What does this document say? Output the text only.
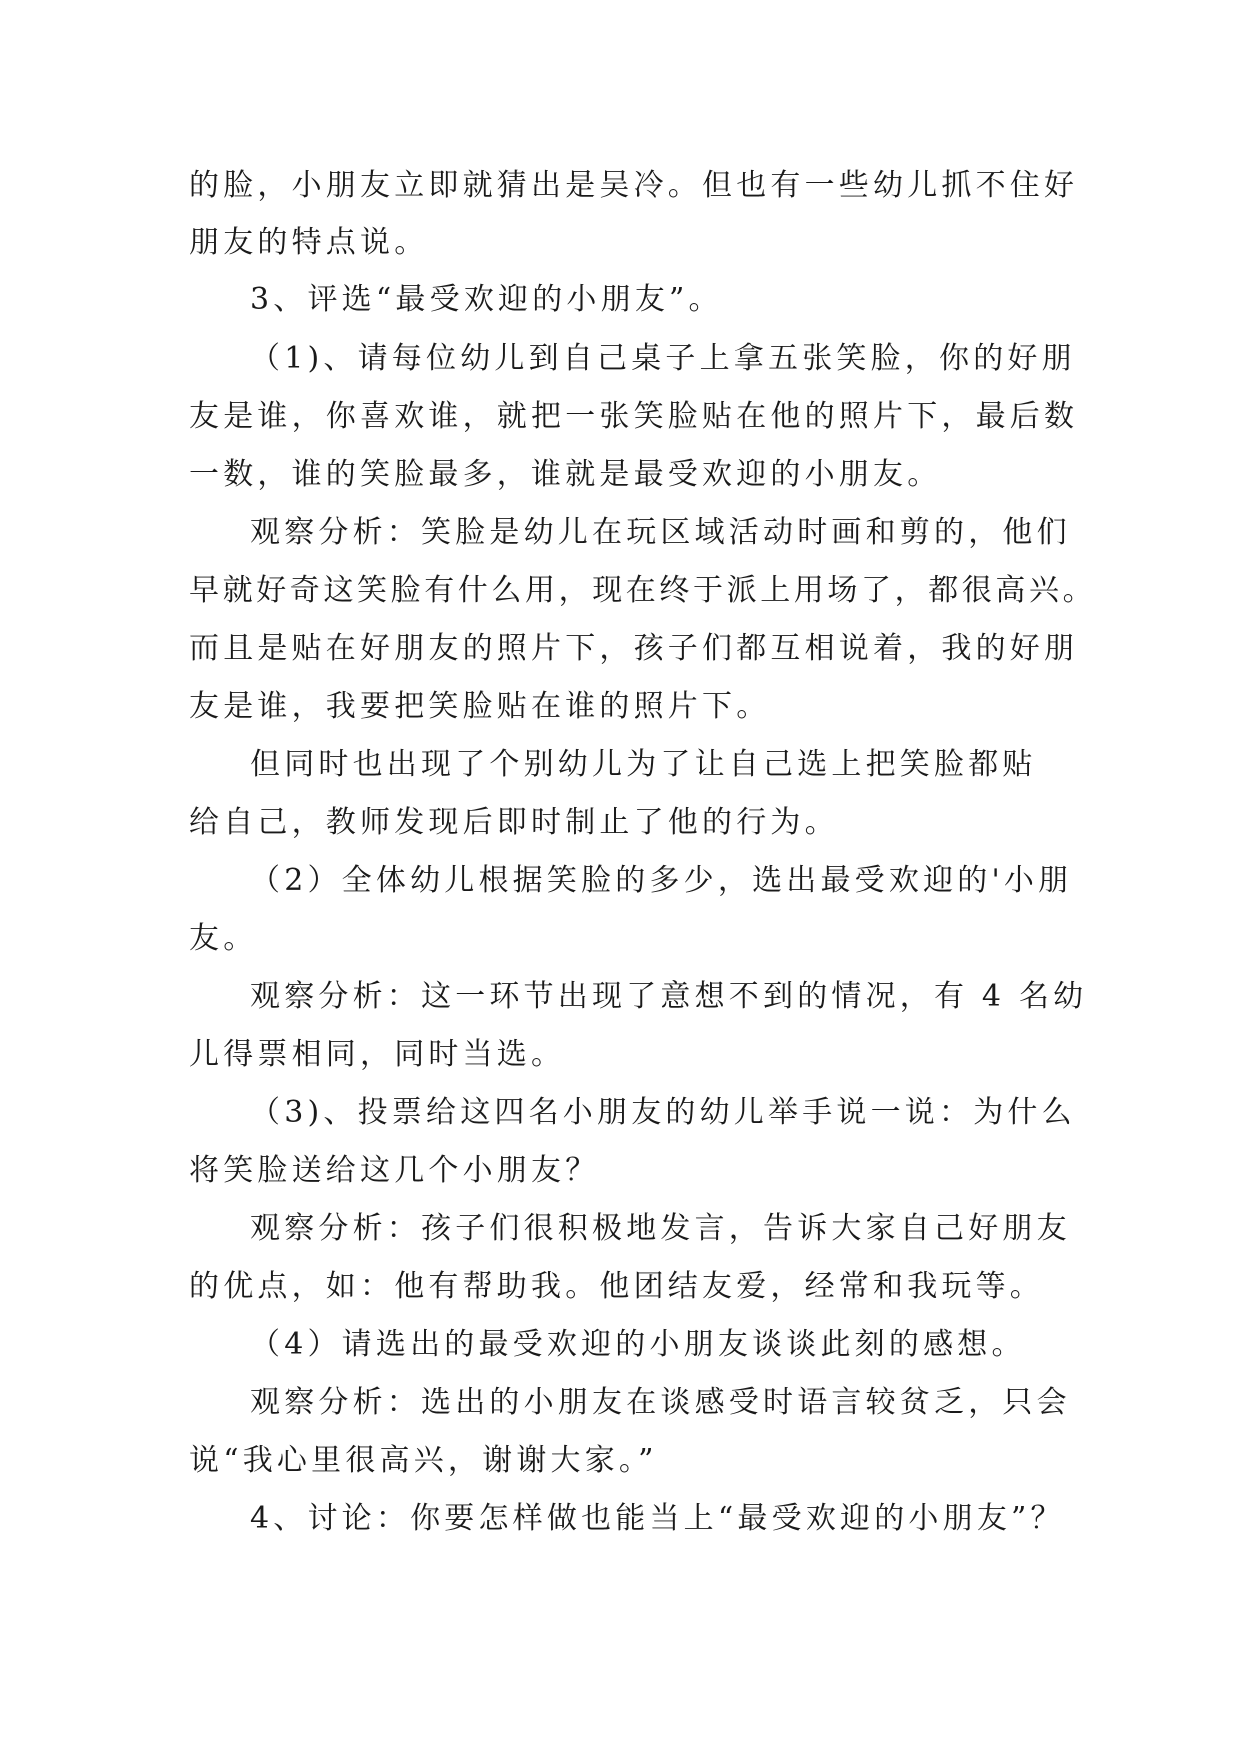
的脸，小朋友立即就猜出是吴冷。但也有一些幼儿抓不住好
朋友的特点说。
3、评选“最受欢迎的小朋友”。
（1)、请每位幼儿到自己桌子上拿五张笑脸，你的好朋
友是谁，你喜欢谁，就把一张笑脸贴在他的照片下，最后数
一数，谁的笑脸最多，谁就是最受欢迎的小朋友。
观察分析：笑脸是幼儿在玩区域活动时画和剪的，他们
早就好奇这笑脸有什么用，现在终于派上用场了，都很高兴。
而且是贴在好朋友的照片下，孩子们都互相说着，我的好朋
友是谁，我要把笑脸贴在谁的照片下。
但同时也出现了个别幼儿为了让自己选上把笑脸都贴
给自己，教师发现后即时制止了他的行为。
（2）全体幼儿根据笑脸的多少，选出最受欢迎的'小朋
友。
观察分析：这一环节出现了意想不到的情况，有 4 名幼
儿得票相同，同时当选。
（3)、投票给这四名小朋友的幼儿举手说一说：为什么
将笑脸送给这几个小朋友？
观察分析：孩子们很积极地发言，告诉大家自己好朋友
的优点，如：他有帮助我。他团结友爱，经常和我玩等。
（4）请选出的最受欢迎的小朋友谈谈此刻的感想。
观察分析：选出的小朋友在谈感受时语言较贫乏，只会
说“我心里很高兴，谢谢大家。”
4、讨论：你要怎样做也能当上“最受欢迎的小朋友”？
